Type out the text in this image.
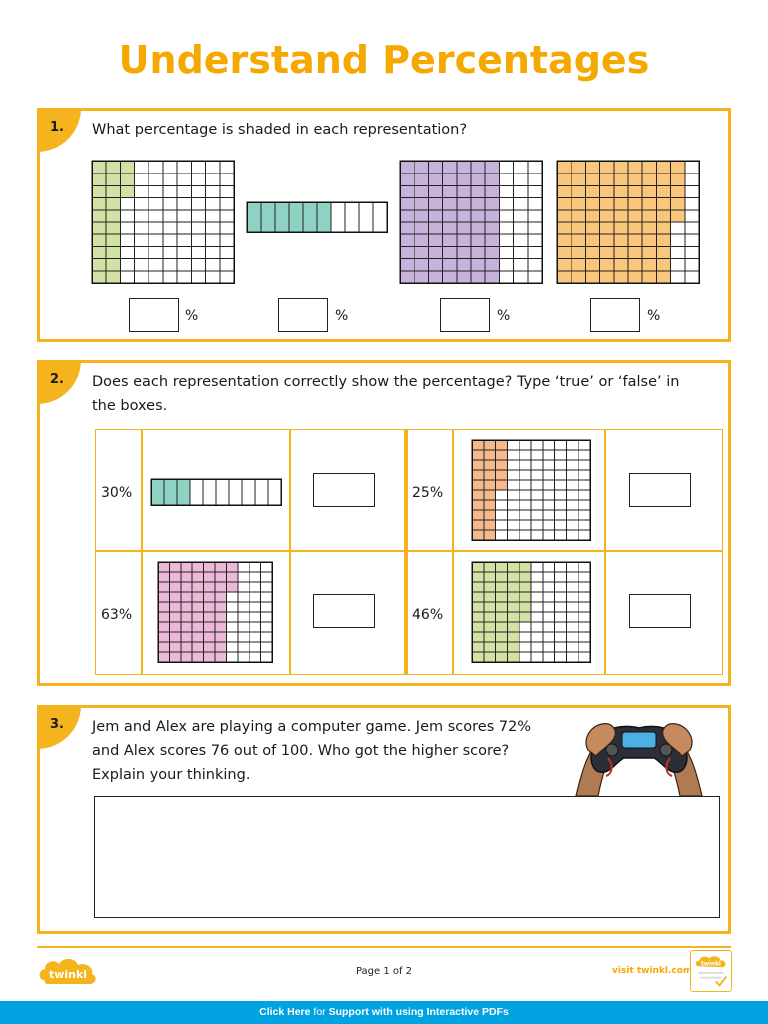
Understand Percentages
1.	What percentage is shaded in each representation?
%	%	%	%
2.	Does each representation correctly show the percentage? Type ‘true’ or ‘false’ in
the boxes.
30%	25%
63%	46%
3.	Jem and Alex are playing a computer game. Jem scores 72%
and Alex scores 76 out of 100. Who got the higher score?
Explain your thinking.
twinkl	Page 1 of 2	visit twinkl.com
twinkl
Click Here for Support with using Interactive PDFs
